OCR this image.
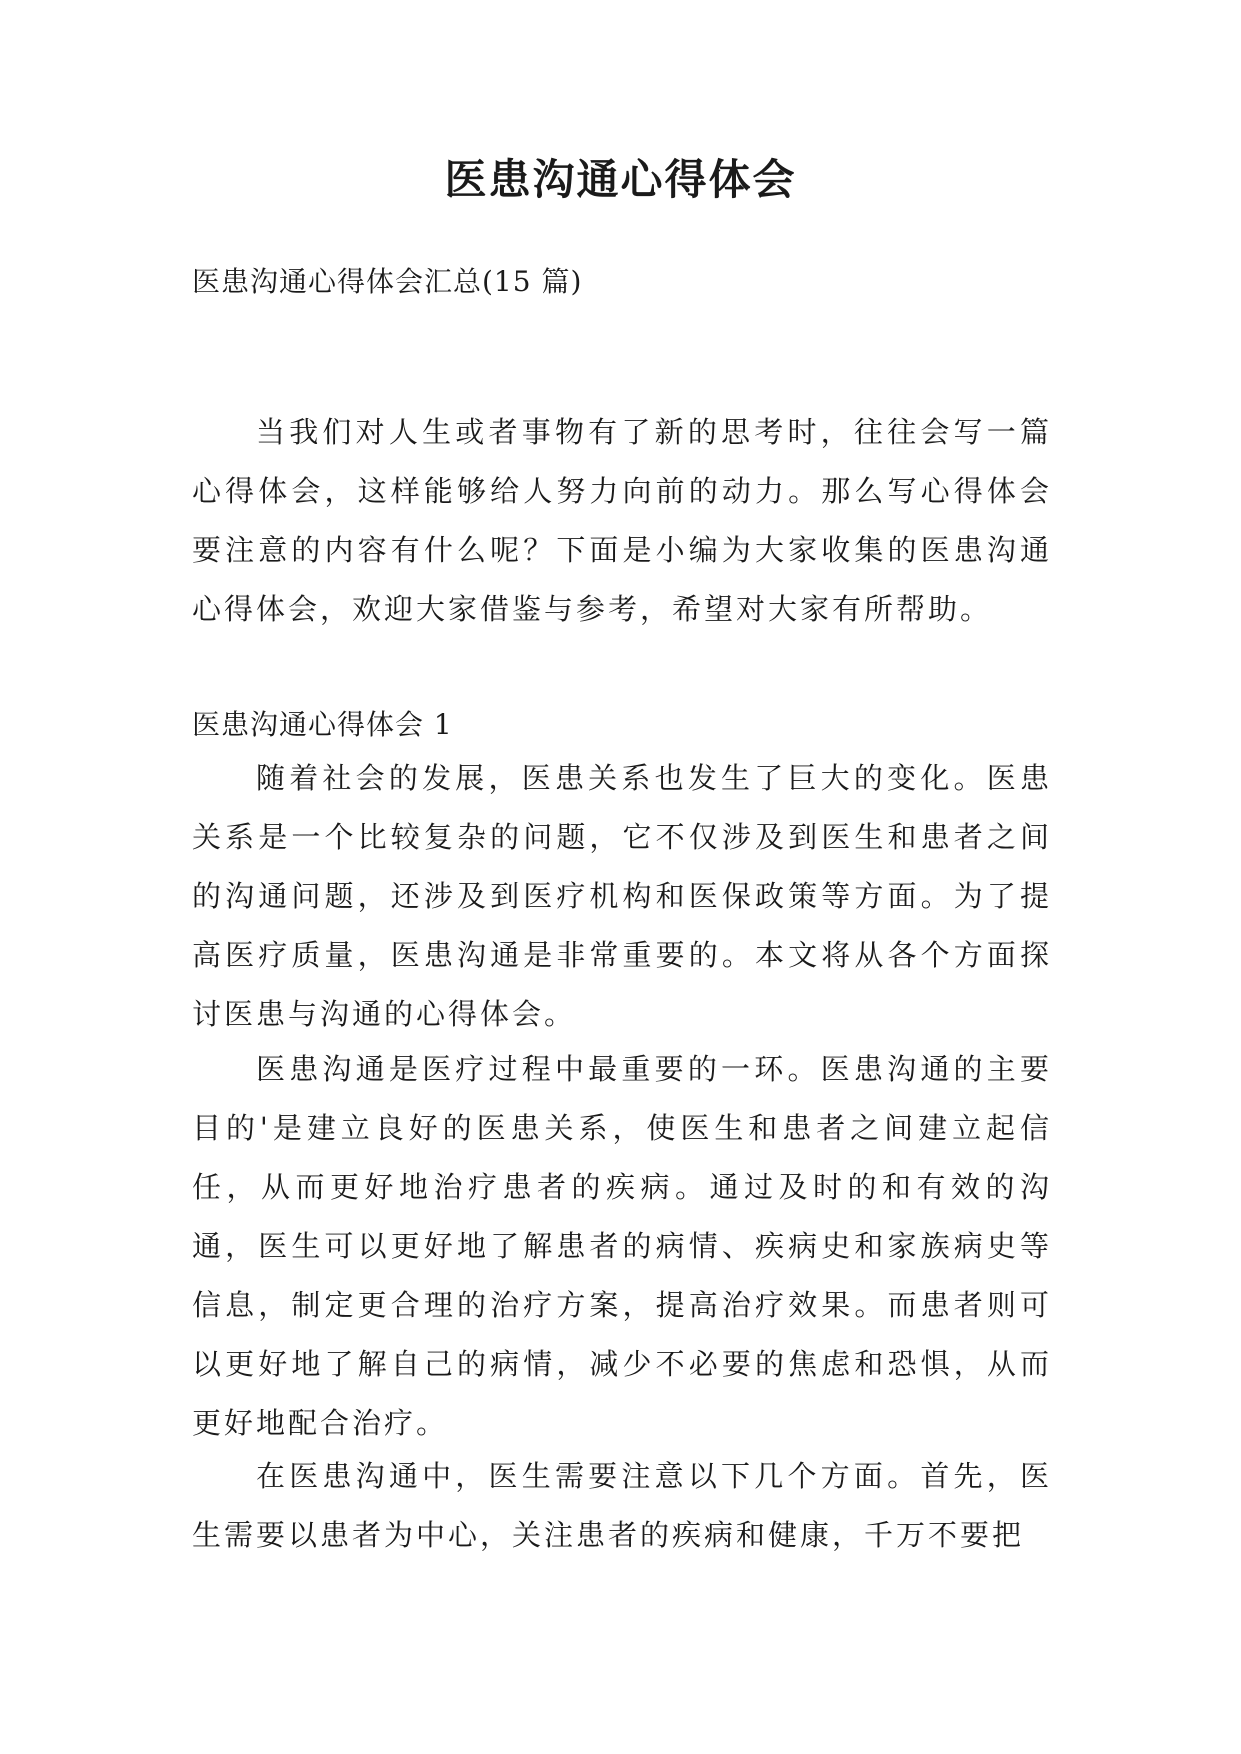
医患沟通心得体会
医患沟通心得体会汇总(15 篇)
当我们对人生或者事物有了新的思考时，往往会写一篇心得体会，这样能够给人努力向前的动力。那么写心得体会要注意的内容有什么呢？下面是小编为大家收集的医患沟通心得体会，欢迎大家借鉴与参考，希望对大家有所帮助。
医患沟通心得体会 1
随着社会的发展，医患关系也发生了巨大的变化。医患关系是一个比较复杂的问题，它不仅涉及到医生和患者之间的沟通问题，还涉及到医疗机构和医保政策等方面。为了提高医疗质量，医患沟通是非常重要的。本文将从各个方面探讨医患与沟通的心得体会。
医患沟通是医疗过程中最重要的一环。医患沟通的主要目的'是建立良好的医患关系，使医生和患者之间建立起信任，从而更好地治疗患者的疾病。通过及时的和有效的沟通，医生可以更好地了解患者的病情、疾病史和家族病史等信息，制定更合理的治疗方案，提高治疗效果。而患者则可以更好地了解自己的病情，减少不必要的焦虑和恐惧，从而更好地配合治疗。
在医患沟通中，医生需要注意以下几个方面。首先，医生需要以患者为中心，关注患者的疾病和健康，千万不要把
